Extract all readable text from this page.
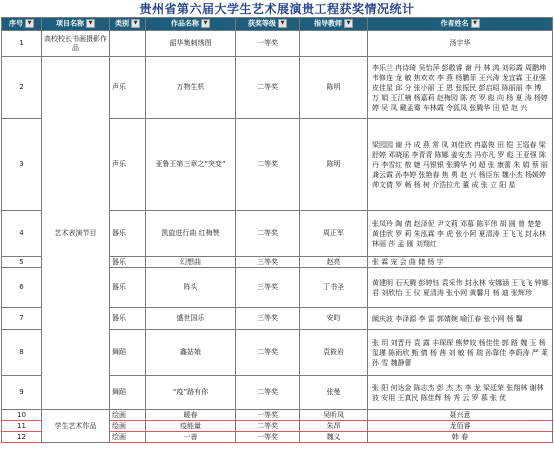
贵州省第六届大学生艺术展演贵工程获奖情况统计
序号 ▼	项目名称 ▼	类别 ▼	作品名称 ▼	获奖等级 ▼	指导教师 ▼	作者姓名 ▼
1	高校校长书画摄影作品		韶华集刺绣图	一等奖		汤宇华
2	艺术表演节目	声乐	万物生机	二等奖	陈明	李乐兰 冉诗琦 吴怡萍 彭敬睿 谢 丹 林 鸿 刘彩霞 周鹏坤 韦修连 龙 敏 焦欢欢 李 燕 杨鹏菲 王兴涛 龙宜霖 王亚强 皮佳星 邱 分 张小丽 王 恩 张振民 彭启昭 陈丽丽 李 博 万 娟 王江楠 杨嘉莉 赵梅园 陈 亮 罗 彪 向 杨 夏 涛 杨婷婷 吴 凤 戴孟骞 车林霞 令狐凤 张腾华 田 铠 赵 兴
3		声乐	亚鲁王第三章之“突变”	二等奖	陈明	梁园园 谢 丹 成 燕 常 凤 刘佳欣 冉嘉俊 田 铠 王巡春 梁舒婷 邓晓瑶 李青青 陈娜 姜安杰 冯亦凡 罗 彪 王亚强 陈 丹 李雪红 敖 婕 马银银 张腾华 何 超 张 康蕾 朱 娟 蔡 丽 龚云霞 孙李婷 张艳春 焦 勇 赵 兴 杨臣东 魏小杰 杨媛婷 帅文倩 罗 畅 杨 树 介浩拉尤 董 成 张 立 阳 星
4		器乐	凯旋进行曲 红梅赞	二等奖	周正军	张凤玲 陶 倩 赵泽伲 尹文莉 邓慕 陈平伟 胡 圆 曾 楚楚 黄佳欣 罗 莉 朱泓霖 李 虎 张小阿 夏清涛 王飞飞 封永林 林丽 莎 孟 匯 刘翔红
5		器乐	幻想曲	三等奖	赵亮	张 霖 宠 会 曲 储 杨 宇
6		器乐	阵头	三等奖	丁书圣	黄建明 石天腾 彭婷钰 袁采伟 封永林 安娜涵 王飞飞 钟娜君 刘欣怡 王 仪 夏清涛 张小网 黄馨月 杨 迪 张辉珍
7		器乐	盛世国乐	三等奖	安昀	阚庆波 李泽源 李 雷 郭婧婉 喻江春 张小网 杨 馨
8		舞蹈	鑫姑娘	二等奖	袁筱岩	张 玥 刘晋丹 袁 露 丰琛琛 熊梦姣 杨佳佳 郭 路 魏 玉 杨玺瑾 陈雨欣 甄 倩 杨 茜 刘 敏 杨 瑞 孙靠佳 李蔚涛 严 莱 孙 雪 魏静蕾
9		舞蹈	“疫”路有你	二等奖	张曼	张 阳 何达金 陈志杰 彭 杰 杰 李 龙 梁廷荣 张翔林 谢林波 安用 王真民 陈佳辉 杨 秀 云 罗 慕 张 优
10	学生艺术作品	绘画	暖春	一等奖	吴昕凤	聂兴意
11		绘画	疫能量	二等奖	朱昂	龙佰睿
12		绘画	一善	一等奖	魏义	韩 春
